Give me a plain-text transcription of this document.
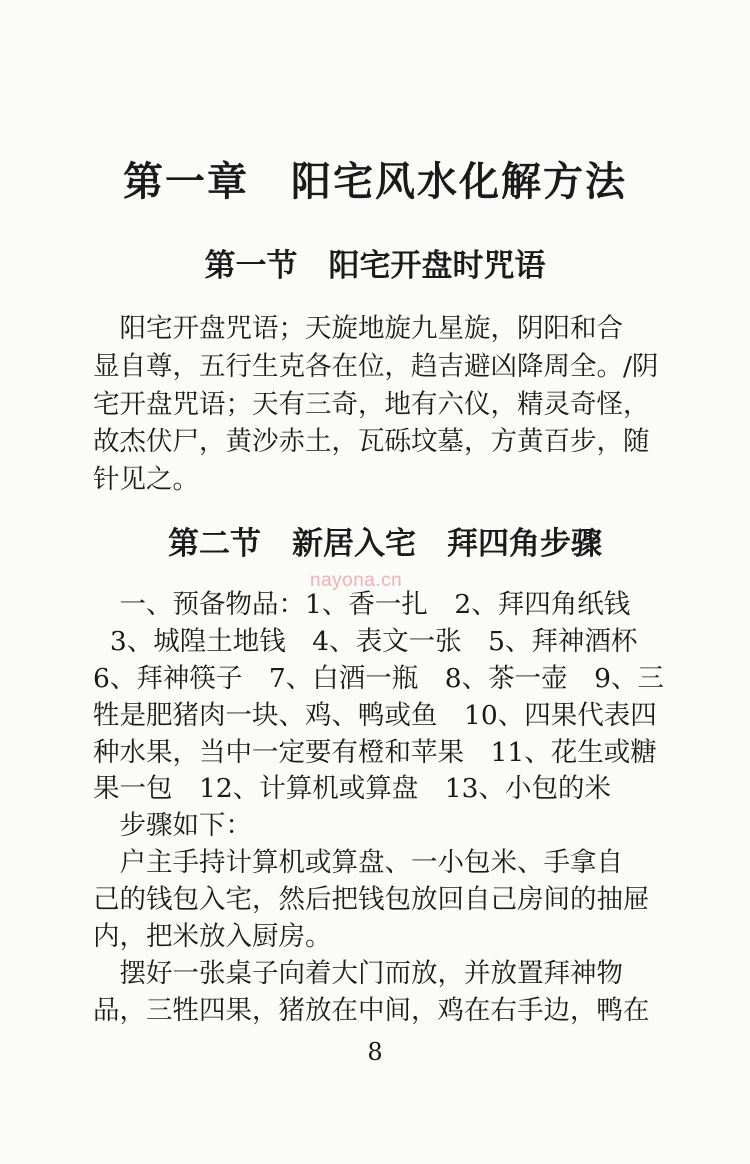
第一章　阳宅风水化解方法
第一节　阳宅开盘时咒语
　阳宅开盘咒语；天旋地旋九星旋，阴阳和合
显自尊，五行生克各在位，趋吉避凶降周全。/阴
宅开盘咒语；天有三奇，地有六仪，精灵奇怪，
故杰伏尸，黄沙赤土，瓦砾坟墓，方黄百步，随
针见之。
第二节　新居入宅　拜四角步骤
nayona.cn
　一、预备物品：1、香一扎　2、拜四角纸钱
3、城隍土地钱　4、表文一张　5、拜神酒杯
6、拜神筷子　7、白酒一瓶　8、茶一壶　9、三
牲是肥猪肉一块、鸡、鸭或鱼　10、四果代表四
种水果，当中一定要有橙和苹果　11、花生或糖
果一包　12、计算机或算盘　13、小包的米
　步骤如下：
　户主手持计算机或算盘、一小包米、手拿自
己的钱包入宅，然后把钱包放回自己房间的抽屉
内，把米放入厨房。
　摆好一张桌子向着大门而放，并放置拜神物
品，三牲四果，猪放在中间，鸡在右手边，鸭在
8
